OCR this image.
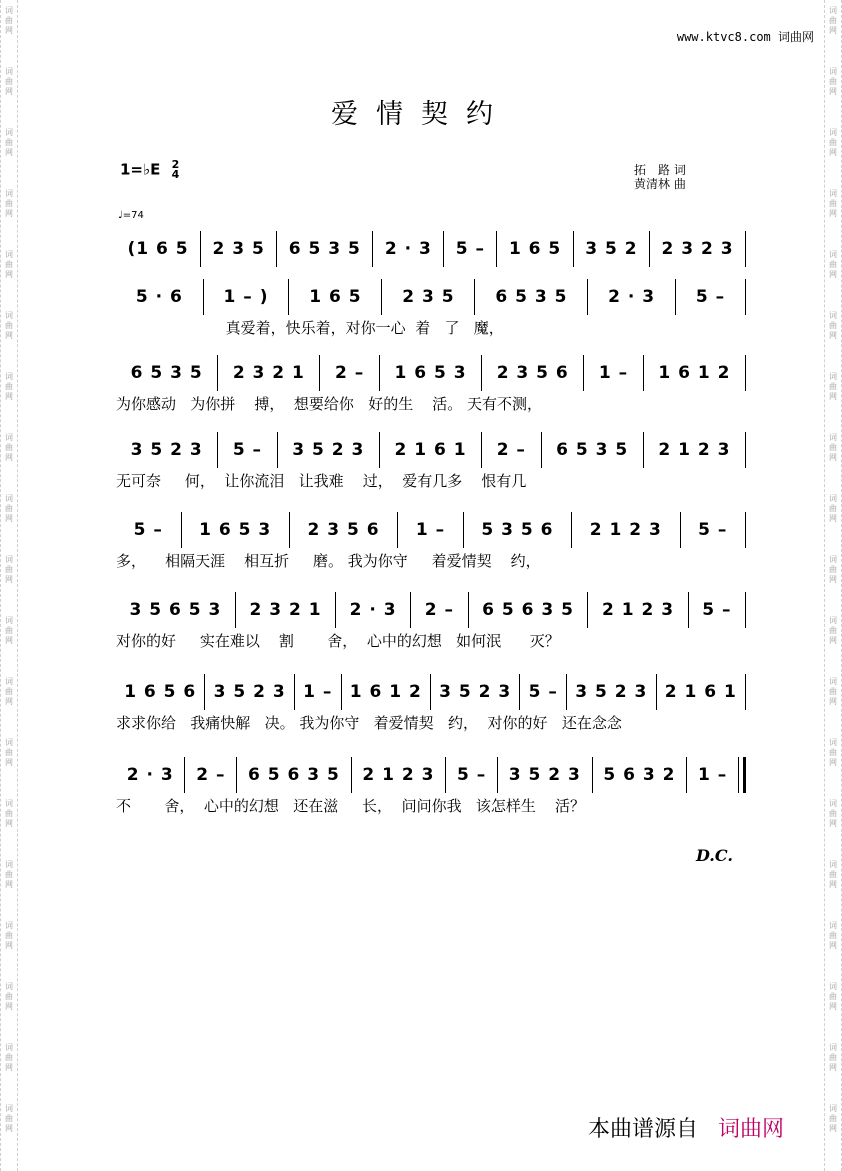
词
曲
网
词
曲
网
词
曲
网
词
曲
网
词
曲
网
词
曲
网
词
曲
网
词
曲
网
词
曲
网
词
曲
网
词
曲
网
词
曲
网
词
曲
网
词
曲
网
词
曲
网
词
曲
网
词
曲
网
词
曲
网
词
曲
网
词
曲
网
词
曲
网
词
曲
网
词
曲
网
词
曲
网
词
曲
网
词
曲
网
词
曲
网
词
曲
网
词
曲
网
词
曲
网
词
曲
网
词
曲
网
词
曲
网
词
曲
网
词
曲
网
词
曲
网
词
曲
网
词
曲
网
www.ktvc8.com 词曲网
爱情契约
1=♭E 2
4	拓　路 词
黄清林 曲
♩=74
(1 6 5	2 3 5	6 5 3 5	2 · 3	5 –	1 6 5	3 5 2	2 3 2 3
5 · 6	1 – )	1 6 5	2 3 5	6 5 3 5	2 · 3	5 –
真爱着，快乐着，对你一心  着   了   魔，
6 5 3 5	2 3 2 1	2 –	1 6 5 3	2 3 5 6	1 –	1 6 1 2
为你感动   为你拼    搏，  想要给你   好的生    活。 天有不测，
3 5 2 3	5 –	3 5 2 3	2 1 6 1	2 –	6 5 3 5	2 1 2 3
无可奈     何，  让你流泪   让我难    过，  爱有几多    恨有几
5 –	1 6 5 3	2 3 5 6	1 –	5 3 5 6	2 1 2 3	5 –
多，    相隔天涯    相互折     磨。 我为你守     着爱情契    约，
3 5 6 5 3	2 3 2 1	2 · 3	2 –	6 5 6 3 5	2 1 2 3	5 –
对你的好     实在难以    割       舍，  心中的幻想   如何泯      灭？
1 6 5 6	3 5 2 3	1 –	1 6 1 2	3 5 2 3	5 –	3 5 2 3	2 1 6 1
求求你给   我痛快解   决。 我为你守   着爱情契   约，  对你的好   还在念念
2 · 3	2 –	6 5 6 3 5	2 1 2 3	5 –	3 5 2 3	5 6 3 2	1 –
不       舍，  心中的幻想   还在滋     长，  问问你我   该怎样生    活？
D.C.
本曲谱源自 词曲网
